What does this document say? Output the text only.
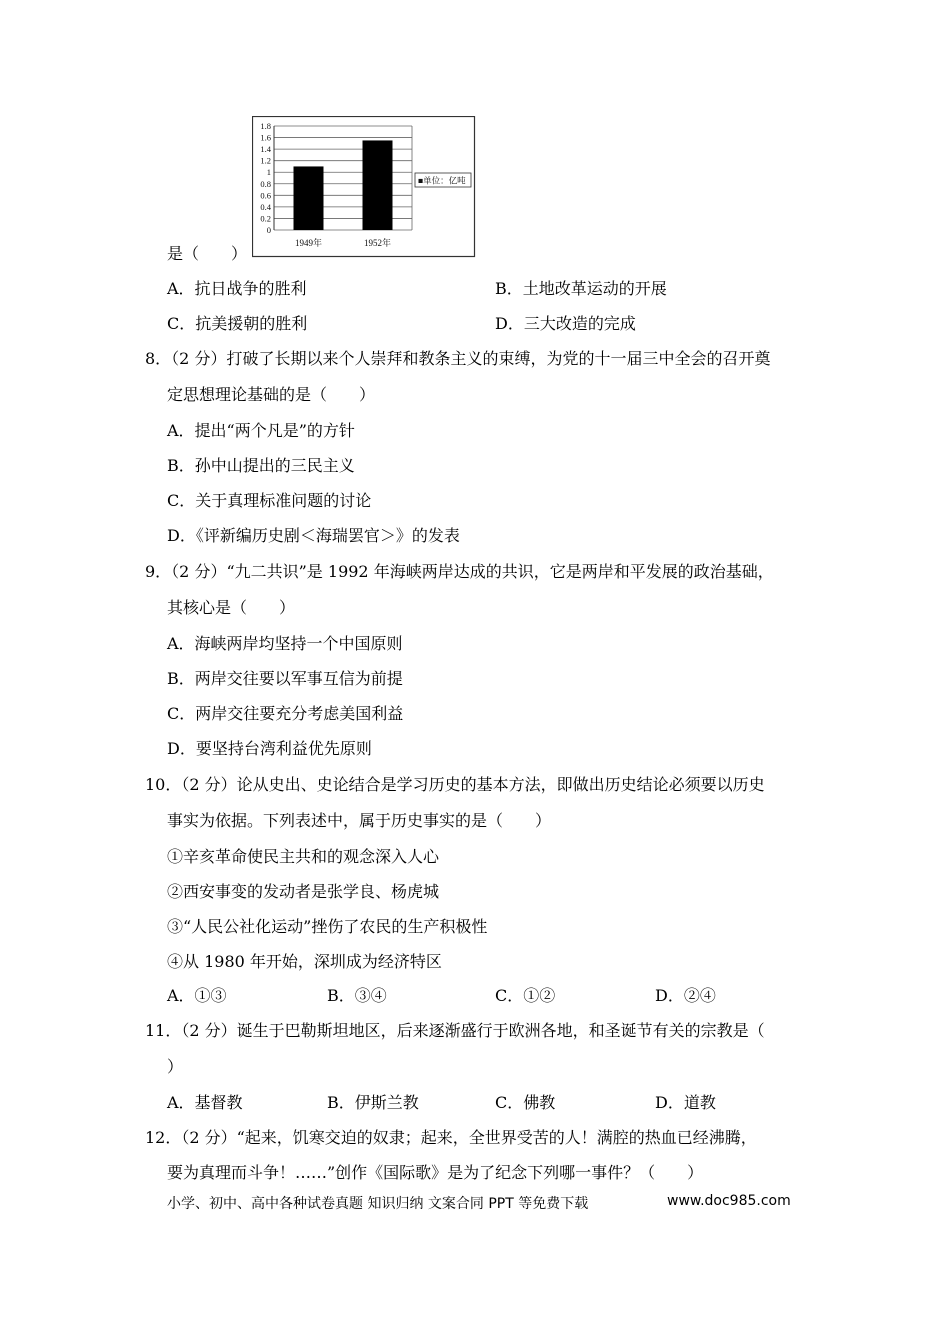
0
0.2
0.4
0.6
0.8
1
1.2
1.4
1.6
1.8
1949年	1952年
■单位：亿吨
是（　　）
A．抗日战争的胜利	B．土地改革运动的开展
C．抗美援朝的胜利	D．三大改造的完成
8．（2 分）打破了长期以来个人崇拜和教条主义的束缚，为党的十一届三中全会的召开奠
定思想理论基础的是（　　）
A．提出“两个凡是”的方针
B．孙中山提出的三民主义
C．关于真理标准问题的讨论
D．《评新编历史剧＜海瑞罢官＞》的发表
9．（2 分）“九二共识”是 1992 年海峡两岸达成的共识，它是两岸和平发展的政治基础，
其核心是（　　）
A．海峡两岸均坚持一个中国原则
B．两岸交往要以军事互信为前提
C．两岸交往要充分考虑美国利益
D．要坚持台湾利益优先原则
10．（2 分）论从史出、史论结合是学习历史的基本方法，即做出历史结论必须要以历史
事实为依据。下列表述中，属于历史事实的是（　　）
①辛亥革命使民主共和的观念深入人心
②西安事变的发动者是张学良、杨虎城
③“人民公社化运动”挫伤了农民的生产积极性
④从 1980 年开始，深圳成为经济特区
A．①③	B．③④	C．①②	D．②④
11．（2 分）诞生于巴勒斯坦地区，后来逐渐盛行于欧洲各地，和圣诞节有关的宗教是（
）
A．基督教	B．伊斯兰教	C．佛教	D．道教
12．（2 分）“起来，饥寒交迫的奴隶；起来，全世界受苦的人！满腔的热血已经沸腾，
要为真理而斗争！……”创作《国际歌》是为了纪念下列哪一事件？（　　）
小学、初中、高中各种试卷真题 知识归纳 文案合同 PPT 等免费下载	www.doc985.com
